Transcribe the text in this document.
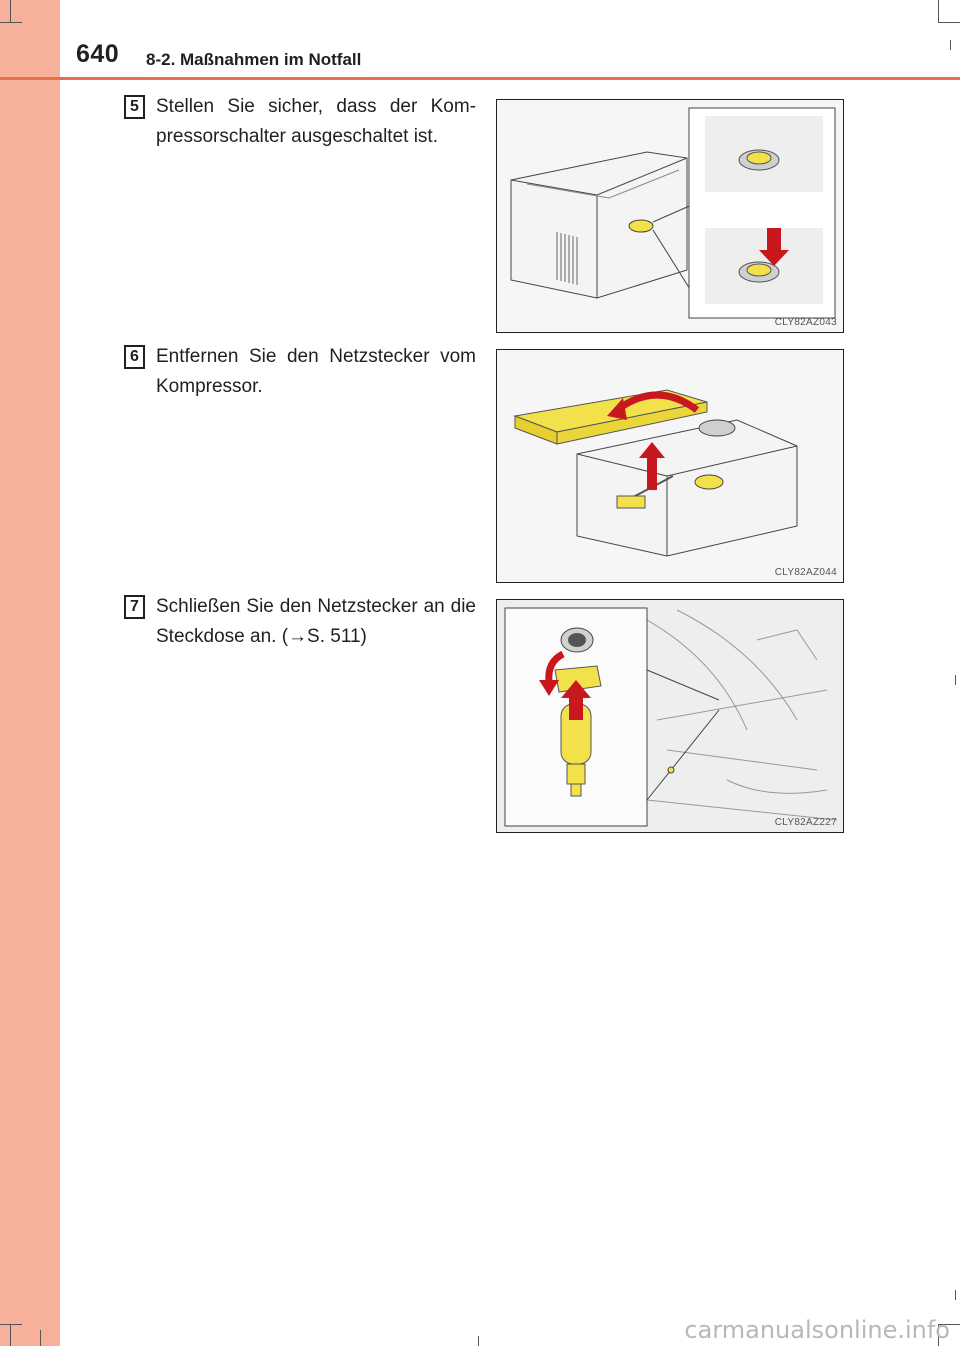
640 8-2. Maßnahmen im Notfall
5 Stellen Sie sicher, dass der Kom-pressorschalter ausgeschaltet ist.
CLY82AZ043
6 Entfernen Sie den Netzstecker vom Kompressor.
CLY82AZ044
7 Schließen Sie den Netzstecker an die Steckdose an. (→S. 511)
CLY82AZ227
carmanualsonline.info
